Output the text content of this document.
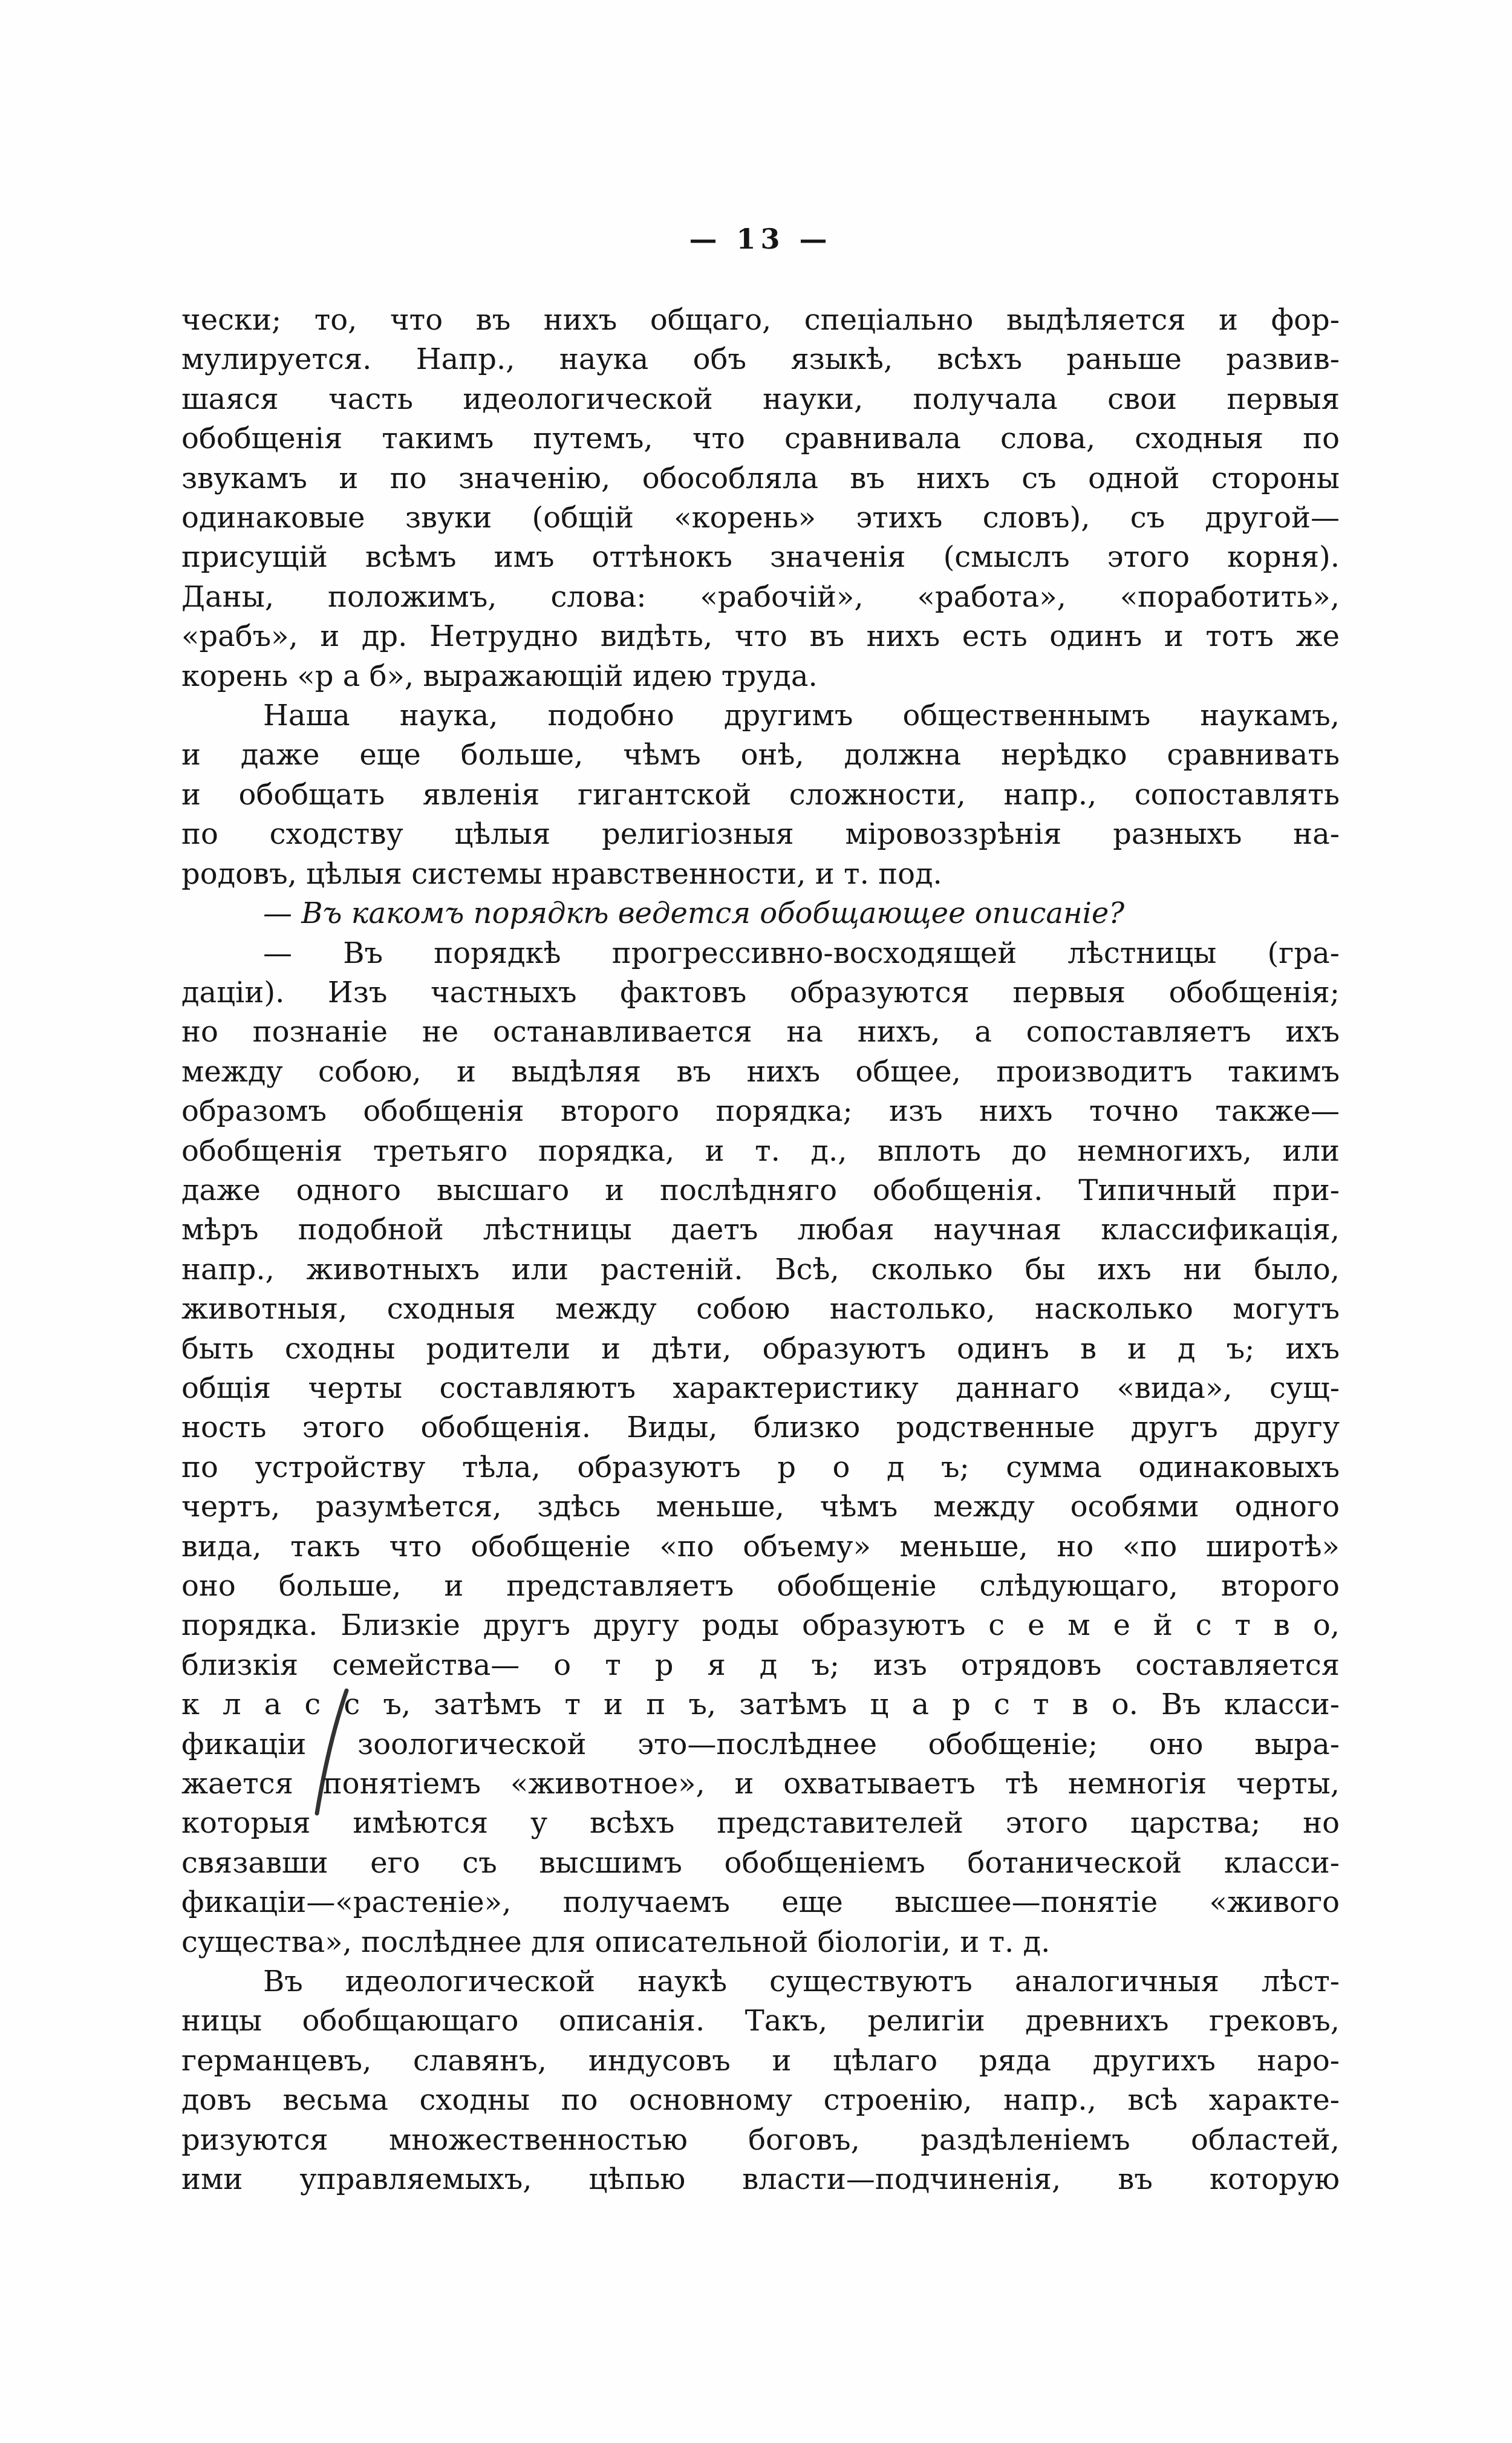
— 13 —
чески; то, что въ нихъ общаго, спеціально выдѣляется и фор-
мулируется. Напр., наука объ языкѣ, всѣхъ раньше развив-
шаяся часть идеологической науки, получала свои первыя
обобщенія такимъ путемъ, что сравнивала слова, сходныя по
звукамъ и по значенію, обособляла въ нихъ съ одной стороны
одинаковые звуки (общій «корень» этихъ словъ), съ другой—
присущій всѣмъ имъ оттѣнокъ значенія (смыслъ этого корня).
Даны, положимъ, слова: «рабочій», «работа», «поработить»,
«рабъ», и др. Нетрудно видѣть, что въ нихъ есть одинъ и тотъ же
корень «р а б», выражающій идею труда.
Наша наука, подобно другимъ общественнымъ наукамъ,
и даже еще больше, чѣмъ онѣ, должна нерѣдко сравнивать
и обобщать явленія гигантской сложности, напр., сопоставлять
по сходству цѣлыя религіозныя міровоззрѣнія разныхъ на-
родовъ, цѣлыя системы нравственности, и т. под.
— Въ какомъ порядкѣ ведется обобщающее описаніе?
— Въ порядкѣ прогрессивно-восходящей лѣстницы (гра-
даціи). Изъ частныхъ фактовъ образуются первыя обобщенія;
но познаніе не останавливается на нихъ, а сопоставляетъ ихъ
между собою, и выдѣляя въ нихъ общее, производитъ такимъ
образомъ обобщенія второго порядка; изъ нихъ точно также—
обобщенія третьяго порядка, и т. д., вплоть до немногихъ, или
даже одного высшаго и послѣдняго обобщенія. Типичный при-
мѣръ подобной лѣстницы даетъ любая научная классификація,
напр., животныхъ или растеній. Всѣ, сколько бы ихъ ни было,
животныя, сходныя между собою настолько, насколько могутъ
быть сходны родители и дѣти, образуютъ одинъ в и д ъ; ихъ
общія черты составляютъ характеристику даннаго «вида», сущ-
ность этого обобщенія. Виды, близко родственные другъ другу
по устройству тѣла, образуютъ р о д ъ; сумма одинаковыхъ
чертъ, разумѣется, здѣсь меньше, чѣмъ между особями одного
вида, такъ что обобщеніе «по объему» меньше, но «по широтѣ»
оно больше, и представляетъ обобщеніе слѣдующаго, второго
порядка. Близкіе другъ другу роды образуютъ с е м е й с т в о,
близкія семейства— о т р я д ъ; изъ отрядовъ составляется
к л а с с ъ, затѣмъ т и п ъ, затѣмъ ц а р с т в о. Въ класси-
фикаціи зоологической это—послѣднее обобщеніе; оно выра-
жается понятіемъ «животное», и охватываетъ тѣ немногія черты,
которыя имѣются у всѣхъ представителей этого царства; но
связавши его съ высшимъ обобщеніемъ ботанической класси-
фикаціи—«растеніе», получаемъ еще высшее—понятіе «живого
существа», послѣднее для описательной біологіи, и т. д.
Въ идеологической наукѣ существуютъ аналогичныя лѣст-
ницы обобщающаго описанія. Такъ, религіи древнихъ грековъ,
германцевъ, славянъ, индусовъ и цѣлаго ряда другихъ наро-
довъ весьма сходны по основному строенію, напр., всѣ характе-
ризуются множественностью боговъ, раздѣленіемъ областей,
ими управляемыхъ, цѣпью власти—подчиненія, въ которую
